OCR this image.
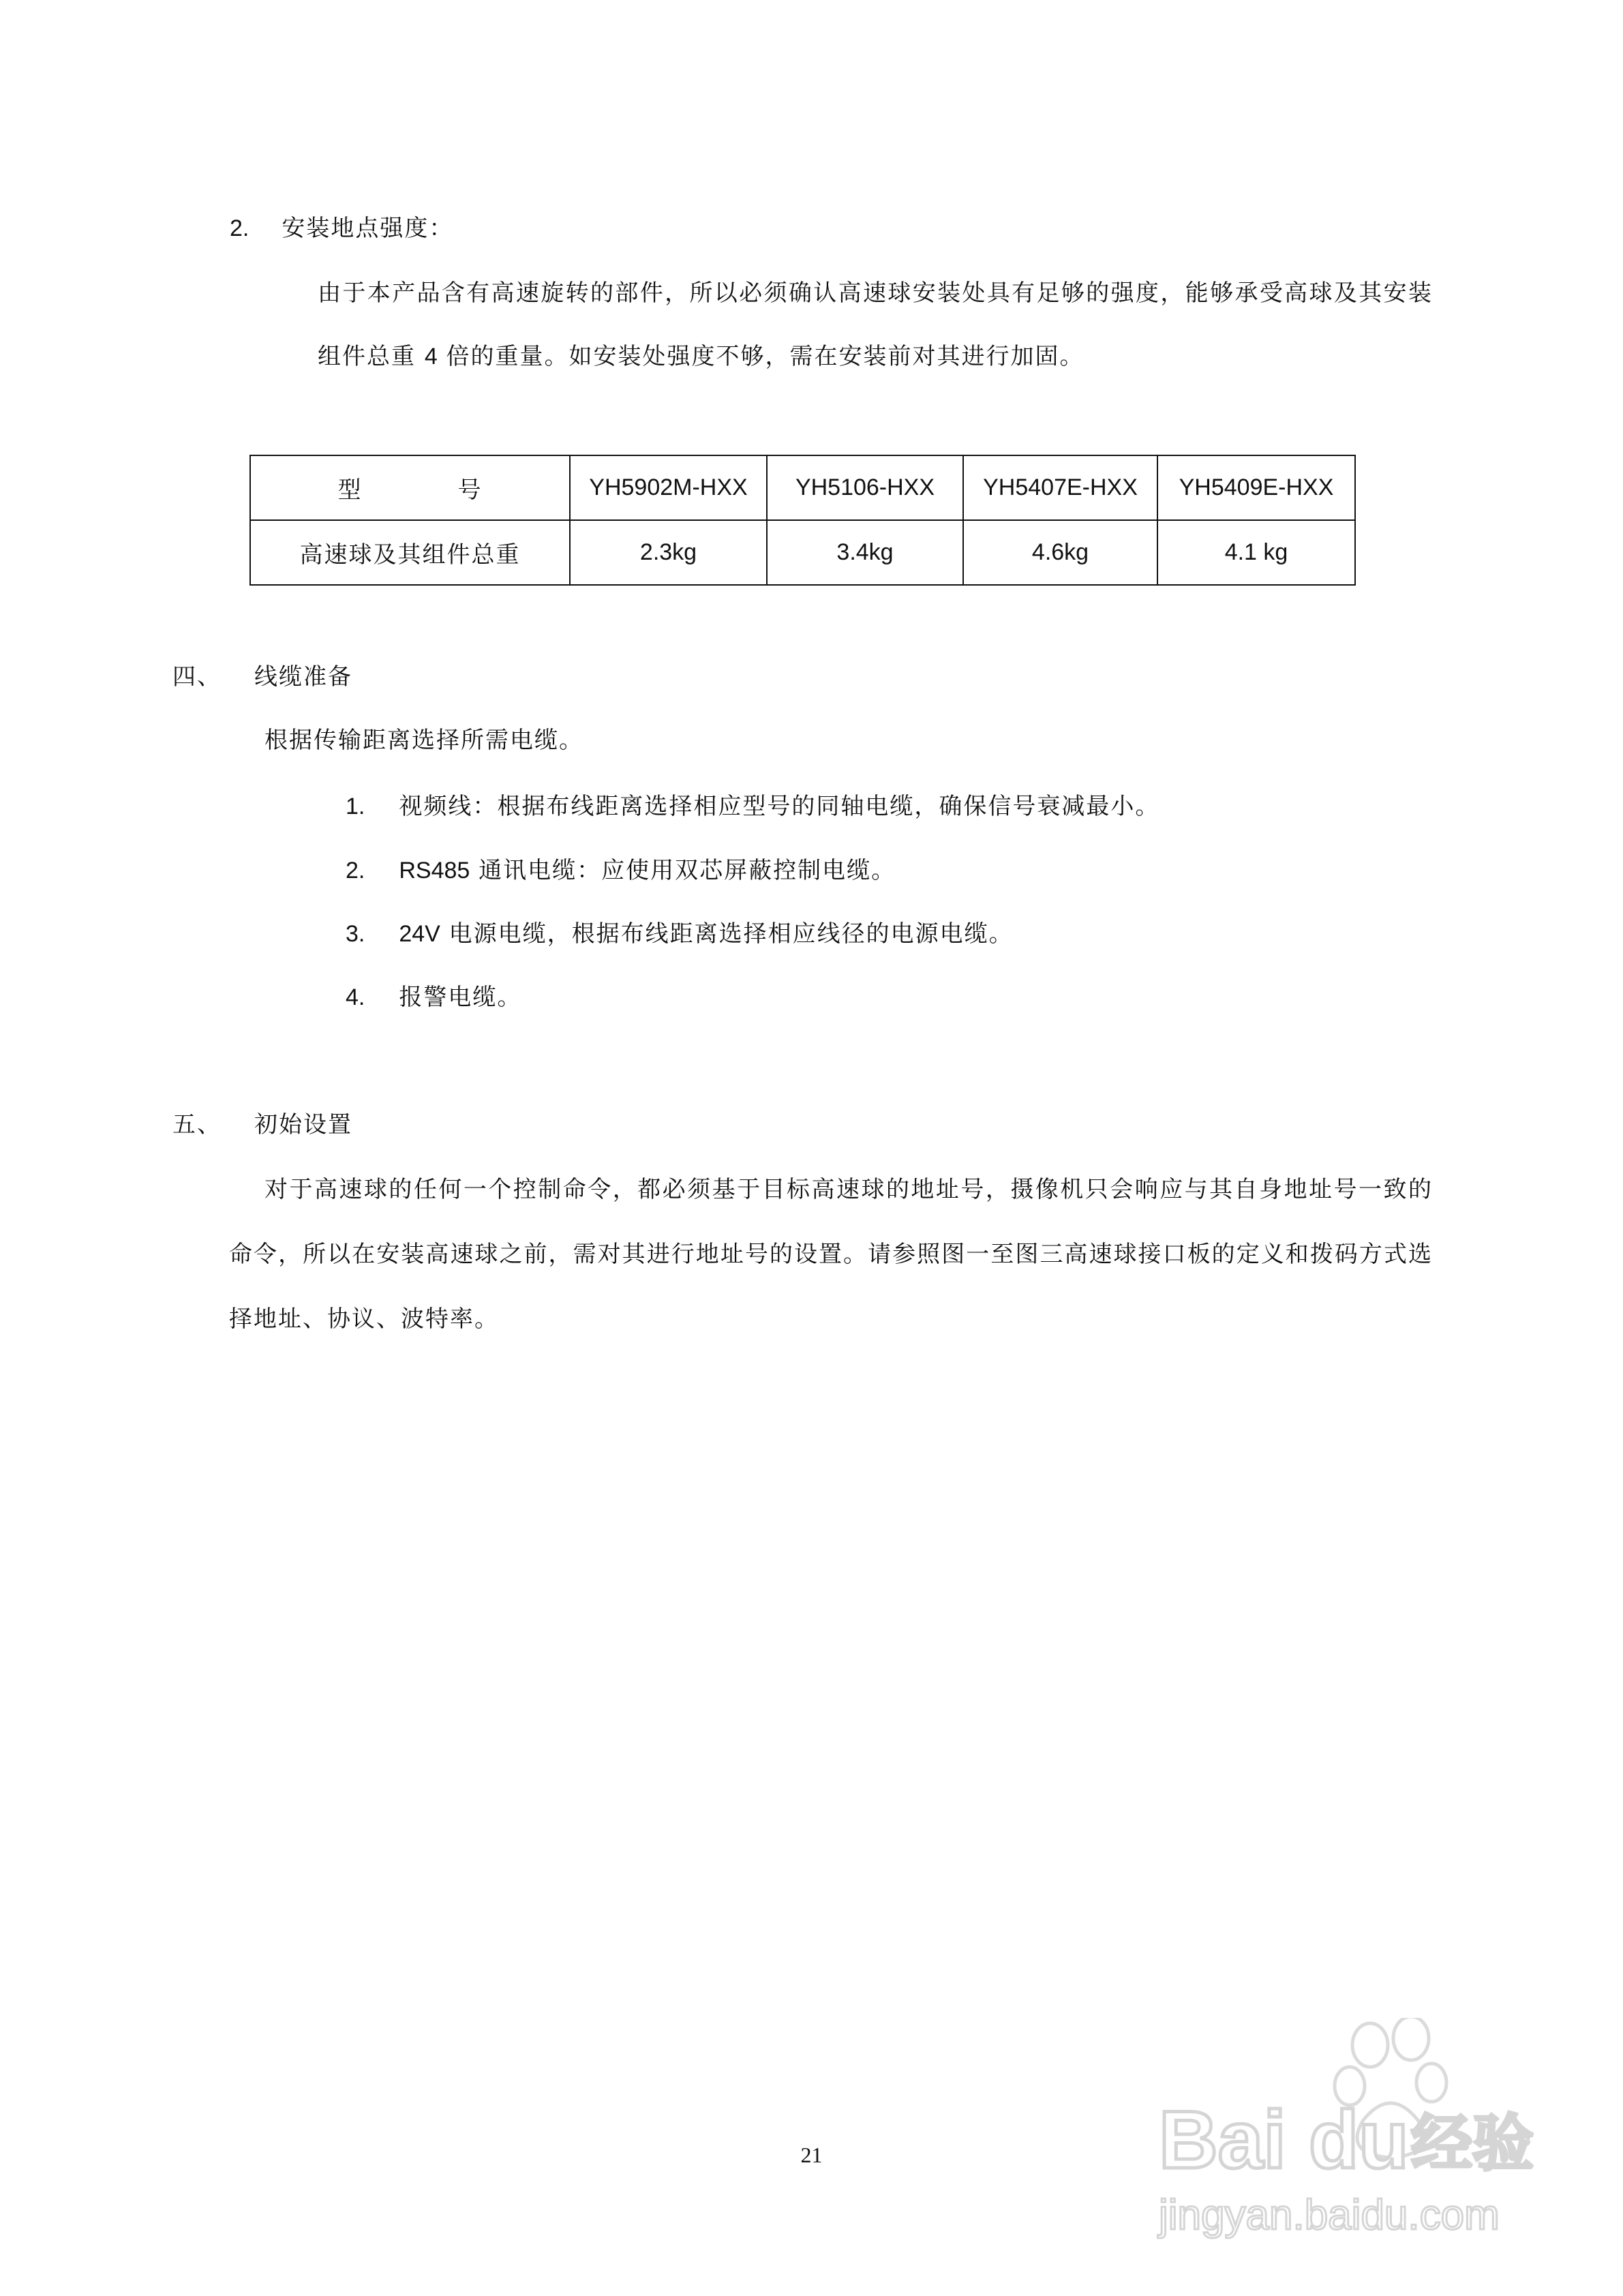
2. 安装地点强度：
由于本产品含有高速旋转的部件，所以必须确认高速球安装处具有足够的强度，能够承受高球及其安装
组件总重 4 倍的重量。如安装处强度不够，需在安装前对其进行加固。
型 号	YH5902M-HXX	YH5106-HXX	YH5407E-HXX	YH5409E-HXX
高速球及其组件总重	2.3kg	3.4kg	4.6kg	4.1 kg
四、 线缆准备
根据传输距离选择所需电缆。
1. 视频线：根据布线距离选择相应型号的同轴电缆，确保信号衰减最小。
2. RS485 通讯电缆：应使用双芯屏蔽控制电缆。
3. 24V 电源电缆，根据布线距离选择相应线径的电源电缆。
4. 报警电缆。
五、 初始设置
对于高速球的任何一个控制命令，都必须基于目标高速球的地址号，摄像机只会响应与其自身地址号一致的
命令，所以在安装高速球之前，需对其进行地址号的设置。请参照图一至图三高速球接口板的定义和拨码方式选
择地址、协议、波特率。
21	Bai du 经验
jingyan.baidu.com
